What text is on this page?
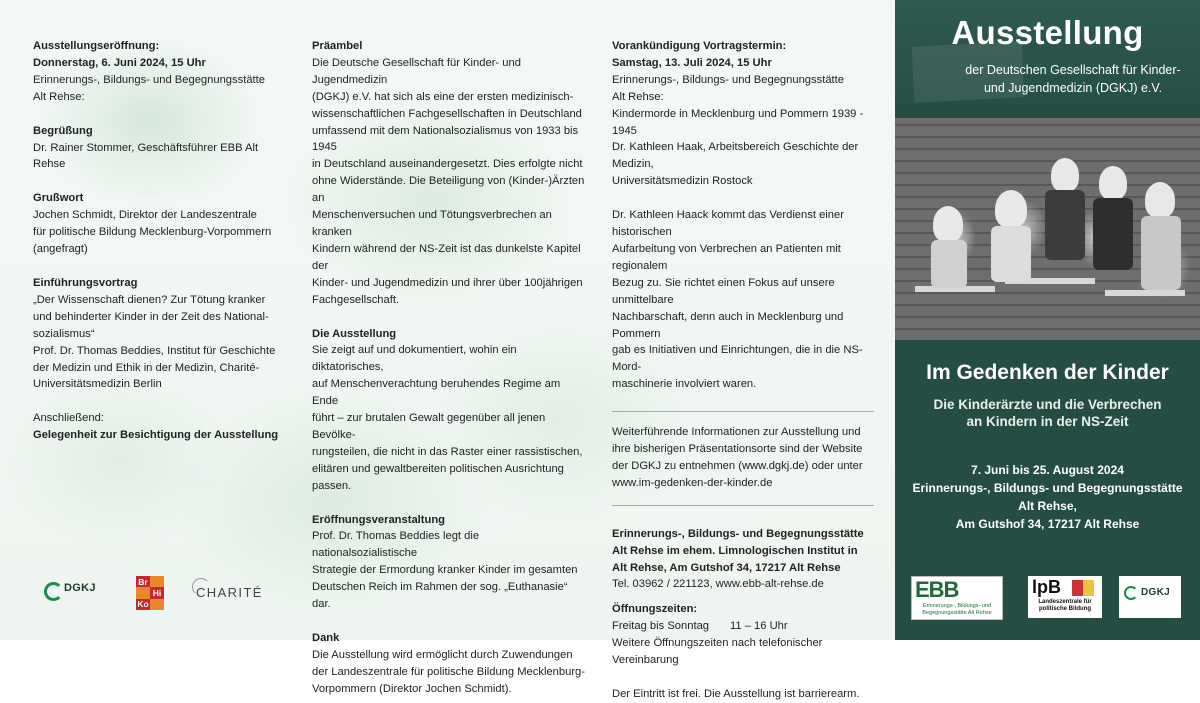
Ausstellungseröffnung:

Donnerstag, 6. Juni 2024, 15 Uhr

Erinnerungs-, Bildungs- und Begegnungsstätte

Alt Rehse:

Begrüßung

Dr. Rainer Stommer, Geschäftsführer EBB Alt Rehse

Grußwort

Jochen Schmidt, Direktor der Landeszentrale

für politische Bildung Mecklenburg-Vorpommern

(angefragt)

Einführungsvortrag

„Der Wissenschaft dienen? Zur Tötung kranker

und behinderter Kinder in der Zeit des National-

sozialismus“

Prof. Dr. Thomas Beddies, Institut für Geschichte

der Medizin und Ethik in der Medizin, Charité-

Universitätsmedizin Berlin

Anschließend:

Gelegenheit zur Besichtigung der Ausstellung

Präambel

Die Deutsche Gesellschaft für Kinder- und Jugendmedizin

(DGKJ) e.V. hat sich als eine der ersten medizinisch-

wissenschaftlichen Fachgesellschaften in Deutschland

umfassend mit dem Nationalsozialismus von 1933 bis 1945

in Deutschland auseinandergesetzt. Dies erfolgte nicht

ohne Widerstände. Die Beteiligung von (Kinder-)Ärzten an

Menschenversuchen und Tötungsverbrechen an kranken

Kindern während der NS-Zeit ist das dunkelste Kapitel der

Kinder- und Jugendmedizin und ihrer über 100jährigen

Fachgesellschaft.

Die Ausstellung

Sie zeigt auf und dokumentiert, wohin ein diktatorisches,

auf Menschenverachtung beruhendes Regime am Ende

führt – zur brutalen Gewalt gegenüber all jenen Bevölke-

rungsteilen, die nicht in das Raster einer rassistischen,

elitären und gewaltbereiten politischen Ausrichtung passen.

Eröffnungsveranstaltung

Prof. Dr. Thomas Beddies legt die nationalsozialistische

Strategie der Ermordung kranker Kinder im gesamten

Deutschen Reich im Rahmen der sog. „Euthanasie“ dar.

Dank

Die Ausstellung wird ermöglicht durch Zuwendungen

der Landeszentrale für politische Bildung Mecklenburg-

Vorpommern (Direktor Jochen Schmidt).

Vorankündigung Vortragstermin:

Samstag, 13. Juli 2024, 15 Uhr

Erinnerungs-, Bildungs- und Begegnungsstätte

Alt Rehse:

Kindermorde in Mecklenburg und Pommern 1939 - 1945

Dr. Kathleen Haak, Arbeitsbereich Geschichte der Medizin,

Universitätsmedizin Rostock

Dr. Kathleen Haack kommt das Verdienst einer historischen

Aufarbeitung von Verbrechen an Patienten mit regionalem

Bezug zu. Sie richtet einen Fokus auf unsere unmittelbare

Nachbarschaft, denn auch in Mecklenburg und Pommern

gab es Initiativen und Einrichtungen, die in die NS-Mord-

maschinerie involviert waren.

Weiterführende Informationen zur Ausstellung und

ihre bisherigen Präsentationsorte sind der Website

der DGKJ zu entnehmen (www.dgkj.de) oder unter

www.im-gedenken-der-kinder.de

Erinnerungs-, Bildungs- und Begegnungsstätte

Alt Rehse im ehem. Limnologischen Institut in

Alt Rehse, Am Gutshof 34, 17217 Alt Rehse

Tel. 03962 / 221123, www.ebb-alt-rehse.de

Öffnungszeiten:

Freitag bis Sonntag	11 – 16 Uhr

Weitere Öffnungszeiten nach telefonischer Vereinbarung

Der Eintritt ist frei. Die Ausstellung ist barrierearm.

DGKJ
Br
Hi
Ko
CHARITÉ
Ausstellung
der Deutschen Gesellschaft für Kinder-
und Jugendmedizin (DGKJ) e.V.
Im Gedenken der Kinder
Die Kinderärzte und die Verbrechen
an Kindern in der NS-Zeit
7. Juni bis 25. August 2024
Erinnerungs-, Bildungs- und Begegnungsstätte
Alt Rehse,
Am Gutshof 34, 17217 Alt Rehse
EBB
Erinnerungs-, Bildungs- und Begegnungsstätte Alt Rehse
lpB
Landeszentrale für politische Bildung
DGKJ
